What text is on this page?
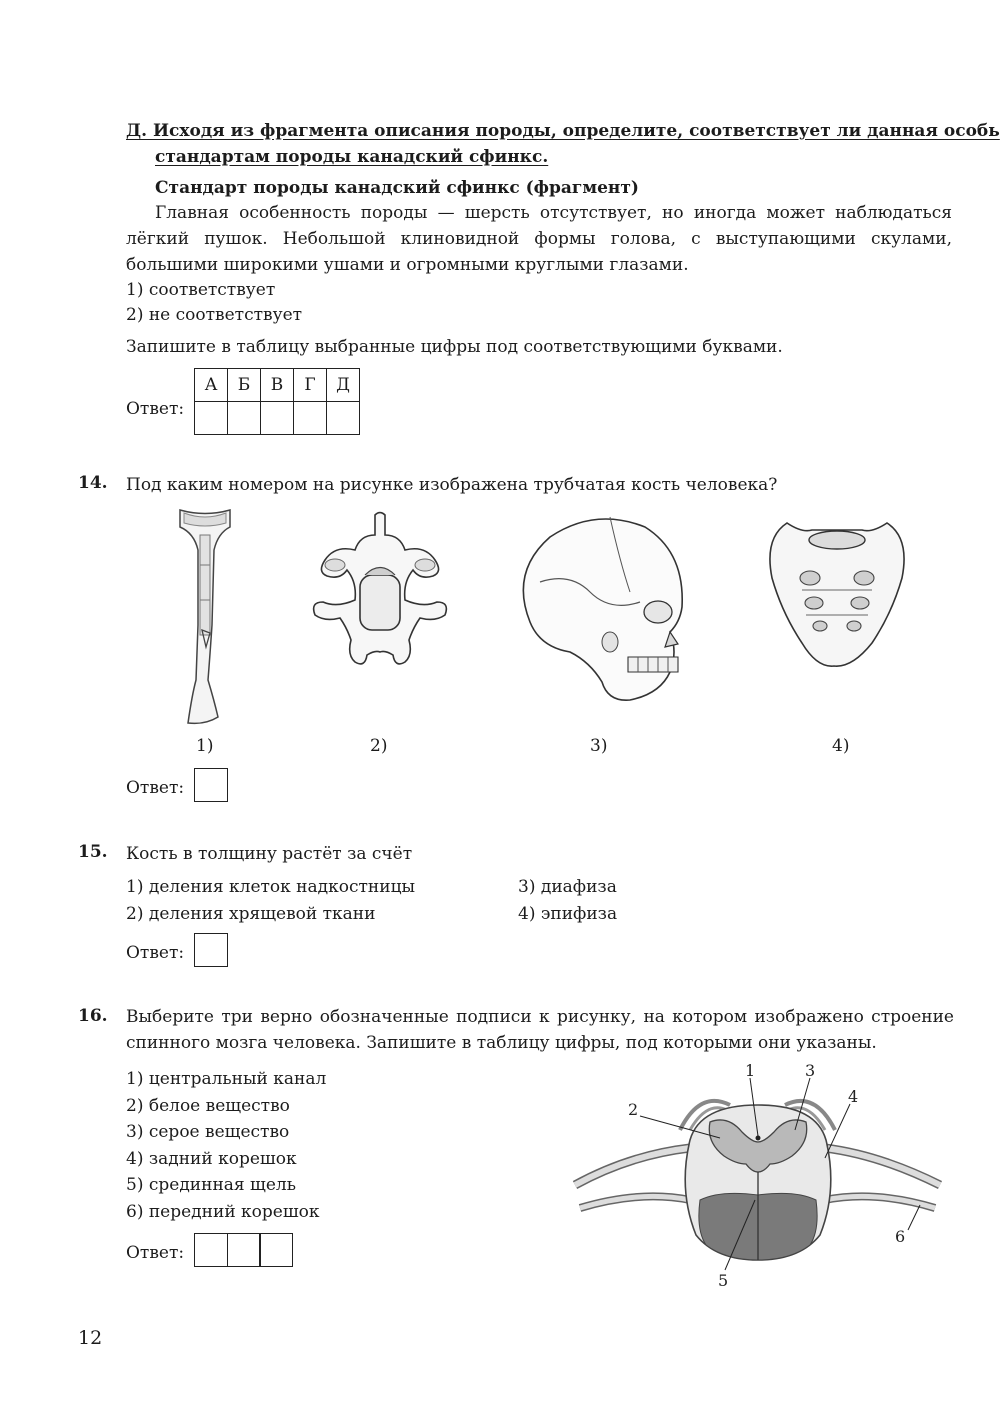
Д. Исходя из фрагмента описания породы, определите, соответствует ли данная особь
стандартам породы канадский сфинкс.
Стандарт породы канадский сфинкс (фрагмент)
Главная особенность породы — шерсть отсутствует, но иногда может наблюдаться лёгкий пушок. Небольшой клиновидной формы голова, с выступающими скулами, большими широкими ушами и огромными круглыми глазами.
1) соответствует
2) не соответствует
Запишите в таблицу выбранные цифры под соответствующими буквами.
Ответ:
А	Б	В	Г	Д

14. Под каким номером на рисунке изображена трубчатая кость человека?
1)	2)	3)	4)
Ответ:
15. Кость в толщину растёт за счёт
1) деления клеток надкостницы
2) деления хрящевой ткани
3) диафиза
4) эпифиза
Ответ:
16. Выберите три верно обозначенные подписи к рисунку, на котором изображено строение спинного мозга человека. Запишите в таблицу цифры, под которыми они указаны.
1) центральный канал
2) белое вещество
3) серое вещество
4) задний корешок
5) срединная щель
6) передний корешок
Ответ:
1
2
3
4
5
6
12
